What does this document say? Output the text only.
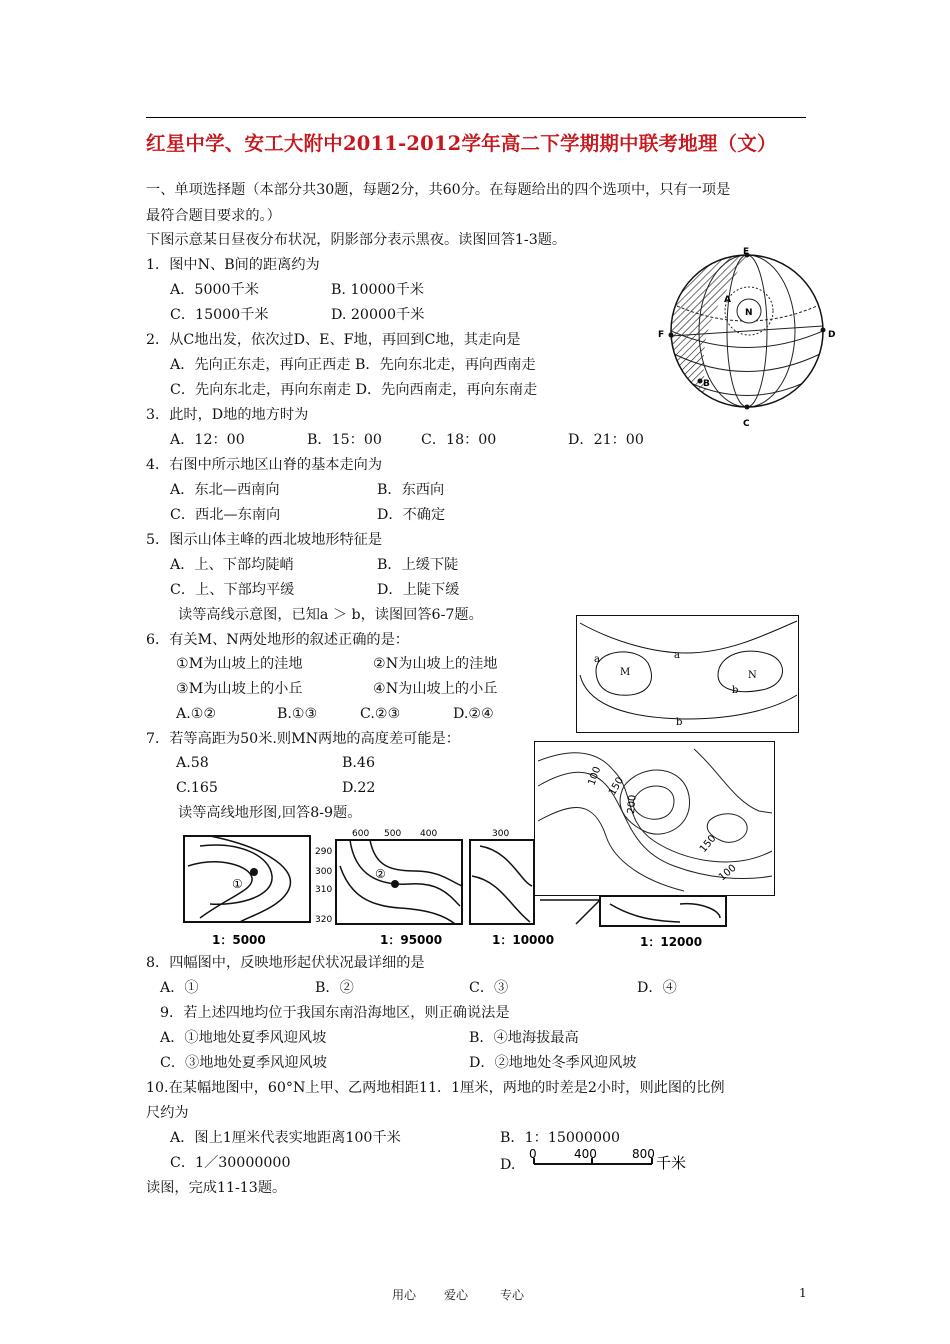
红星中学、安工大附中2011-2012学年高二下学期期中联考地理（文）
一、单项选择题（本部分共30题，每题2分，共60分。在每题给出的四个选项中，只有一项是
最符合题目要求的。）
下图示意某日昼夜分布状况，阴影部分表示黑夜。读图回答1-3题。
1．图中N、B间的距离约为
A．5000千米	B. 10000千米
C．15000千米	D. 20000千米
2．从C地出发，依次过D、E、F地，再回到C地，其走向是
A．先向正东走，再向正西走 B．先向东北走，再向西南走
C．先向东北走，再向东南走 D．先向西南走，再向东南走
3．此时，D地的地方时为
A．12：00	B．15：00	C．18：00	D．21：00
4．右图中所示地区山脊的基本走向为
A．东北—西南向	B．东西向
C．西北—东南向	D．不确定
5．图示山体主峰的西北坡地形特征是
A．上、下部均陡峭	B．上缓下陡
C．上、下部均平缓	D．上陡下缓
读等高线示意图，已知a ＞ b，读图回答6-7题。
6．有关M、N两处地形的叙述正确的是：
①M为山坡上的洼地	②N为山坡上的洼地
③M为山坡上的小丘	④N为山坡上的小丘
A.①②	B.①③	C.②③	D.②④
7．若等高距为50米.则MN两地的高度差可能是：
A.58	B.46
C.165	D.22
读等高线地形图,回答8-9题。
8．四幅图中，反映地形起伏状况最详细的是
A．①	B．②	C．③	D．④
9．若上述四地均位于我国东南沿海地区，则正确说法是
A．①地地处夏季风迎风坡	B．④地海拔最高
C．③地地处夏季风迎风坡	D．②地地处冬季风迎风坡
10.在某幅地图中，60°N上甲、乙两地相距11．1厘米，两地的时差是2小时，则此图的比例
尺约为
A．图上1厘米代表实地距离100千米	B．1：15000000
C．1／30000000	D.
读图，完成11-13题。
E
F	D
B
C
A
N
a	a
M	N
b
b
100 150
200
150
100
①
290
300
310
320
1：5000
②
600 500 400
1：95000
300
1：10000	1：12000
0	400	800 千米
用心 爱心	专心	1
